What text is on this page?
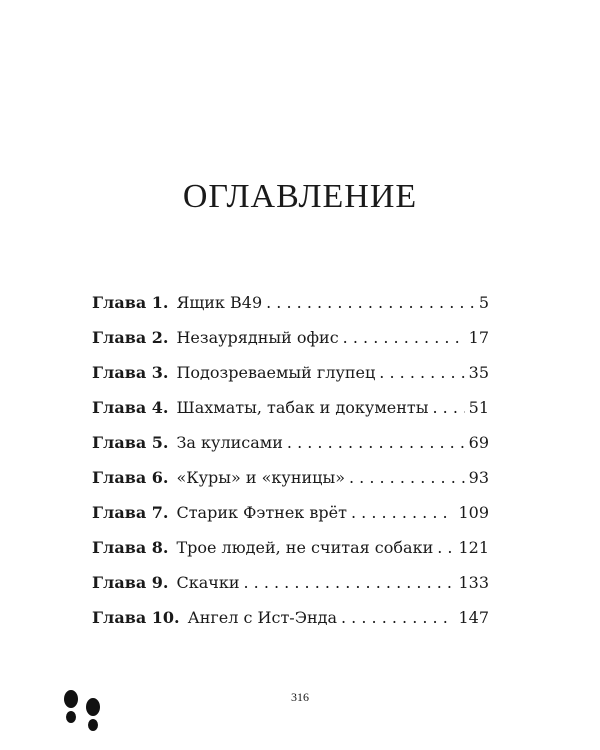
ОГЛАВЛЕНИЕ
Глава 1. Ящик В49 . . .	5
Глава 2. Незаурядный офис . . .	17
Глава 3. Подозреваемый глупец . . .	35
Глава 4. Шахматы, табак и документы . . .	51
Глава 5. За кулисами . . .	69
Глава 6. «Куры» и «куницы» . . .	93
Глава 7. Старик Фэтнек врёт . . .	109
Глава 8. Трое людей, не считая собаки . . . 121
Глава 9. Скачки . . .	133
Глава 10. Ангел с Ист-Энда . . .	147
316
